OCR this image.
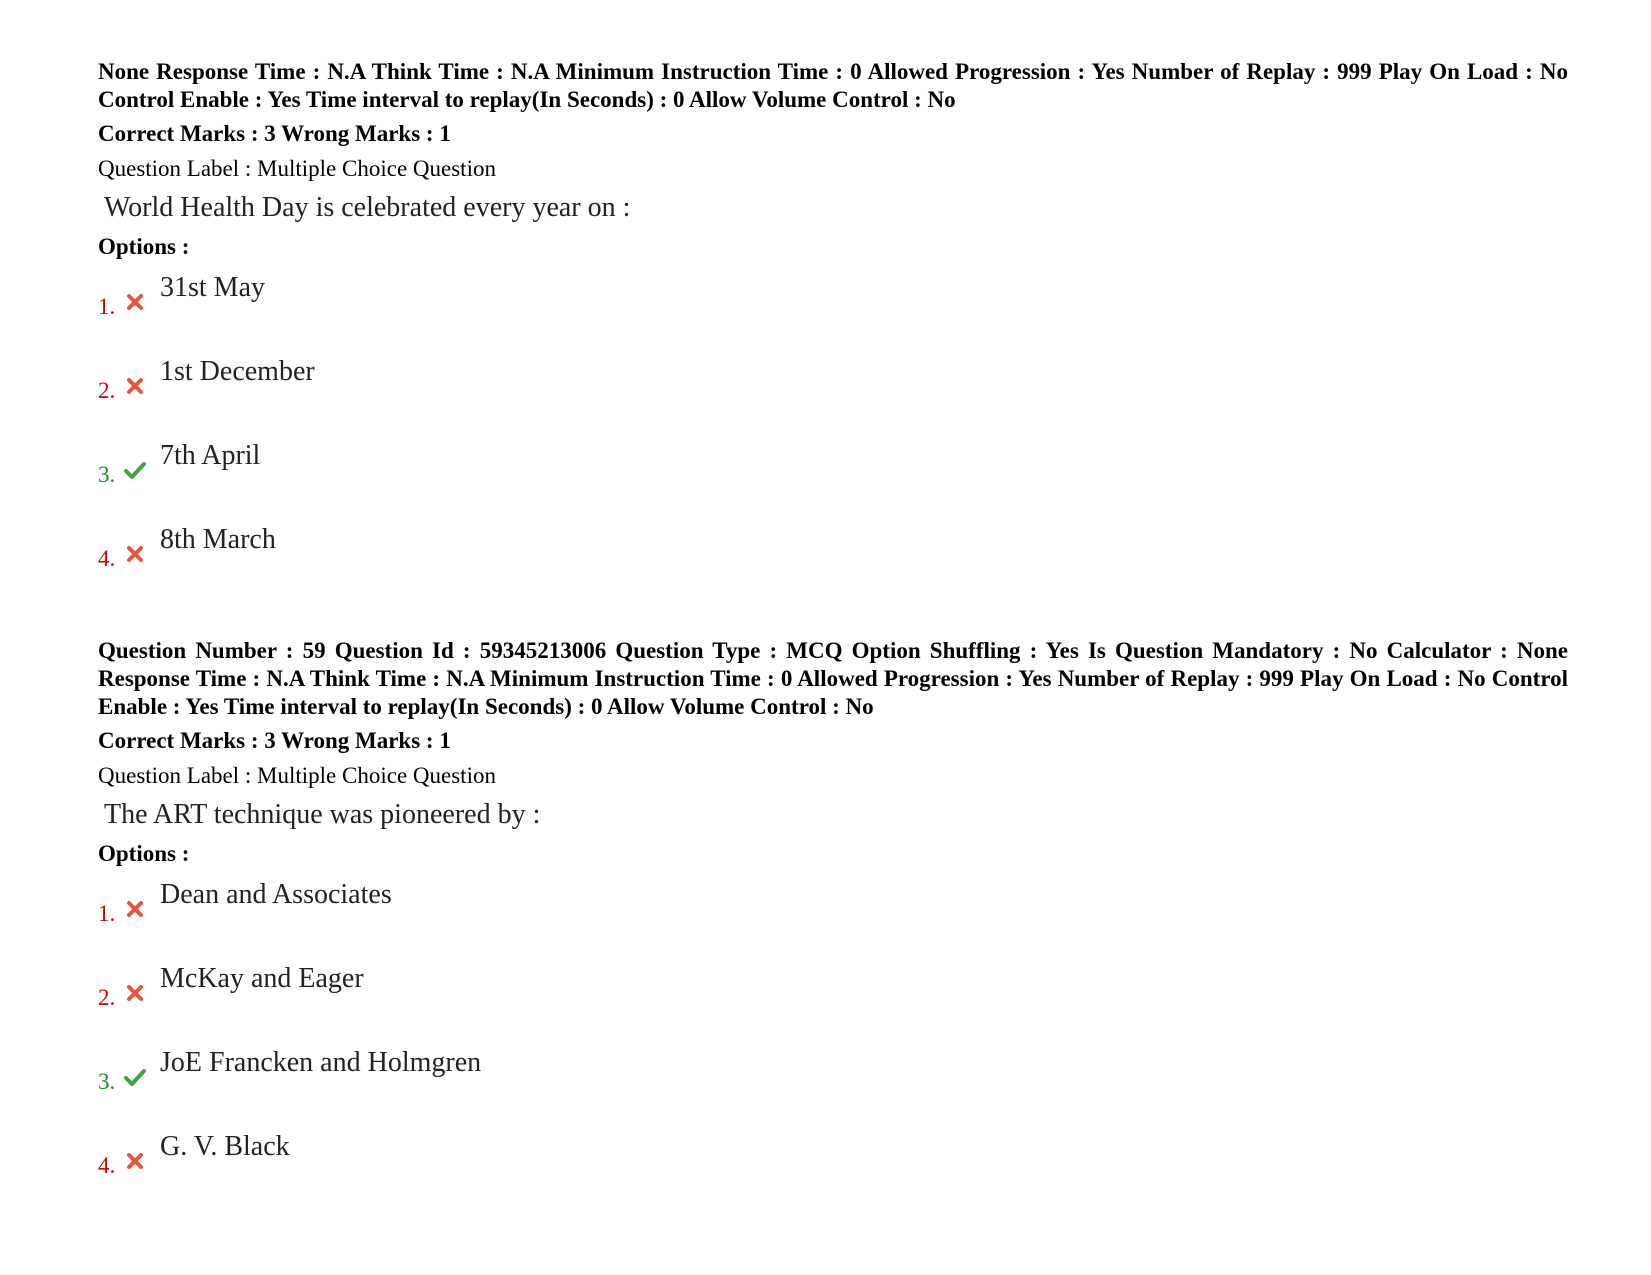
None Response Time : N.A Think Time : N.A Minimum Instruction Time : 0 Allowed Progression : Yes Number of Replay : 999 Play On Load : No Control Enable : Yes Time interval to replay(In Seconds) : 0 Allow Volume Control : No

Correct Marks : 3 Wrong Marks : 1

Question Label : Multiple Choice Question

World Health Day is celebrated every year on :

Options :

1.
31st May
2.
1st December
3.
7th April
4.
8th March

Question Number : 59 Question Id : 59345213006 Question Type : MCQ Option Shuffling : Yes Is Question Mandatory : No Calculator : None Response Time : N.A Think Time : N.A Minimum Instruction Time : 0 Allowed Progression : Yes Number of Replay : 999 Play On Load : No Control Enable : Yes Time interval to replay(In Seconds) : 0 Allow Volume Control : No

Correct Marks : 3 Wrong Marks : 1

Question Label : Multiple Choice Question

The ART technique was pioneered by :

Options :

1.
Dean and Associates
2.
McKay and Eager
3.
JoE Francken and Holmgren
4.
G. V. Black
